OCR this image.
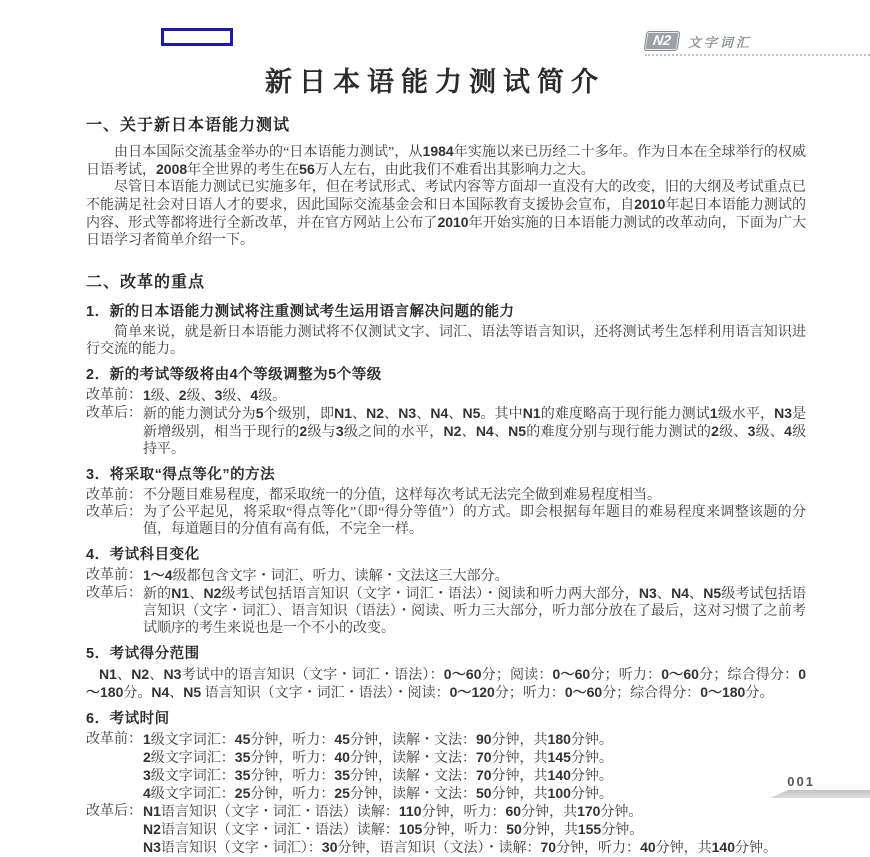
N2	文字词汇
新日本语能力测试简介
一、关于新日本语能力测试

由日本国际交流基金举办的“日本语能力测试”，从1984年实施以来已历经二十多年。作为日本在全球举行的权威日语考试，2008年全世界的考生在56万人左右，由此我们不难看出其影响力之大。

尽管日本语能力测试已实施多年，但在考试形式、考试内容等方面却一直没有大的改变，旧的大纲及考试重点已不能满足社会对日语人才的要求，因此国际交流基金会和日本国际教育支援协会宣布，自2010年起日本语能力测试的内容、形式等都将进行全新改革，并在官方网站上公布了2010年开始实施的日本语能力测试的改革动向，下面为广大日语学习者简单介绍一下。

二、改革的重点
1．新的日本语能力测试将注重测试考生运用语言解决问题的能力

简单来说，就是新日本语能力测试将不仅测试文字、词汇、语法等语言知识，还将测试考生怎样利用语言知识进行交流的能力。

2．新的考试等级将由4个等级调整为5个等级
改革前： 1级、2级、3级、4级。
改革后： 新的能力测试分为5个级别，即N1、N2、N3、N4、N5。其中N1的难度略高于现行能力测试1级水平，N3是新增级别，相当于现行的2级与3级之间的水平，N2、N4、N5的难度分别与现行能力测试的2级、3级、4级持平。
3．将采取“得点等化”的方法
改革前： 不分题目难易程度，都采取统一的分值，这样每次考试无法完全做到难易程度相当。
改革后： 为了公平起见，将采取“得点等化”（即“得分等值”）的方式。即会根据每年题目的难易程度来调整该题的分值，每道题目的分值有高有低，不完全一样。
4．考试科目变化
改革前： 1～4级都包含文字・词汇、听力、读解・文法这三大部分。
改革后： 新的N1、N2级考试包括语言知识（文字・词汇・语法）・阅读和听力两大部分，N3、N4、N5级考试包括语言知识（文字・词汇）、语言知识（语法）・阅读、听力三大部分，听力部分放在了最后，这对习惯了之前考试顺序的考生来说也是一个不小的改变。
5．考试得分范围

N1、N2、N3考试中的语言知识（文字・词汇・语法）：0～60分；阅读：0～60分；听力：0～60分；综合得分：0～180分。N4、N5 语言知识（文字・词汇・语法）・阅读：0～120分；听力：0～60分；综合得分：0～180分。

6．考试时间
改革前： 1级文字词汇：45分钟，听力：45分钟，读解・文法：90分钟，共180分钟。
2级文字词汇：35分钟，听力：40分钟，读解・文法：70分钟，共145分钟。
3级文字词汇：35分钟，听力：35分钟，读解・文法：70分钟，共140分钟。
4级文字词汇：25分钟，听力：25分钟，读解・文法：50分钟，共100分钟。
改革后： N1语言知识（文字・词汇・语法）读解：110分钟，听力：60分钟，共170分钟。
N2语言知识（文字・词汇・语法）读解：105分钟，听力：50分钟，共155分钟。
N3语言知识（文字・词汇）：30分钟，语言知识（文法）・读解：70分钟，听力：40分钟，共140分钟。
001
